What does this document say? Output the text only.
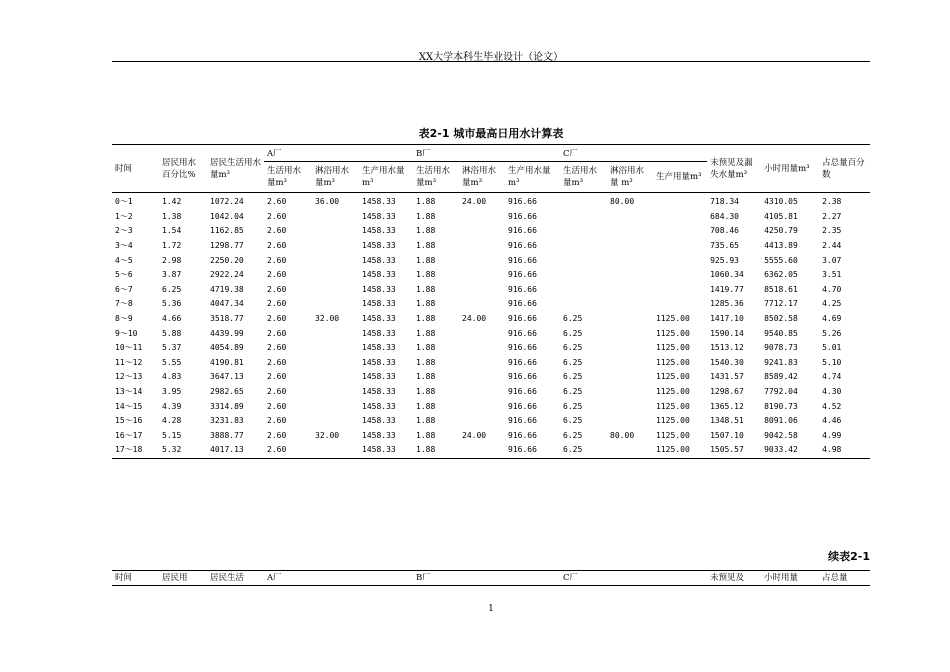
XX大学本科生毕业设计（论文）
表2-1 城市最高日用水计算表
时间	居民用水百分比%	居民生活用水量m³	A厂			B厂			C厂			未预见及漏失水量m³	小时用量m³	占总量百分数
			生活用水量m³	淋浴用水量m³	生产用水量m³	生活用水量m³	淋浴用水量m³	生产用水量m³	生活用水量m³	淋浴用水量 m³	生产用量m³			

0～1	1.42	1072.24	2.60	36.00	1458.33	1.88	24.00	916.66		80.00		718.34	4310.05	2.38
1～2	1.38	1042.04	2.60		1458.33	1.88		916.66				684.30	4105.81	2.27
2～3	1.54	1162.85	2.60		1458.33	1.88		916.66				708.46	4250.79	2.35
3～4	1.72	1298.77	2.60		1458.33	1.88		916.66				735.65	4413.89	2.44
4～5	2.98	2250.20	2.60		1458.33	1.88		916.66				925.93	5555.60	3.07
5～6	3.87	2922.24	2.60		1458.33	1.88		916.66				1060.34	6362.05	3.51
6～7	6.25	4719.38	2.60		1458.33	1.88		916.66				1419.77	8518.61	4.70
7～8	5.36	4047.34	2.60		1458.33	1.88		916.66				1285.36	7712.17	4.25
8～9	4.66	3518.77	2.60	32.00	1458.33	1.88	24.00	916.66	6.25		1125.00	1417.10	8502.58	4.69
9～10	5.88	4439.99	2.60		1458.33	1.88		916.66	6.25		1125.00	1590.14	9540.85	5.26
10～11	5.37	4054.89	2.60		1458.33	1.88		916.66	6.25		1125.00	1513.12	9078.73	5.01
11～12	5.55	4190.81	2.60		1458.33	1.88		916.66	6.25		1125.00	1540.30	9241.83	5.10
12～13	4.83	3647.13	2.60		1458.33	1.88		916.66	6.25		1125.00	1431.57	8589.42	4.74
13～14	3.95	2982.65	2.60		1458.33	1.88		916.66	6.25		1125.00	1298.67	7792.04	4.30
14～15	4.39	3314.89	2.60		1458.33	1.88		916.66	6.25		1125.00	1365.12	8190.73	4.52
15～16	4.28	3231.83	2.60		1458.33	1.88		916.66	6.25		1125.00	1348.51	8091.06	4.46
16～17	5.15	3888.77	2.60	32.00	1458.33	1.88	24.00	916.66	6.25	80.00	1125.00	1507.10	9042.58	4.99
17～18	5.32	4017.13	2.60		1458.33	1.88		916.66	6.25		1125.00	1505.57	9033.42	4.98
续表2-1
时间	居民用	居民生活	A厂	B厂	C厂	未预见及	小时用量	占总量
1
